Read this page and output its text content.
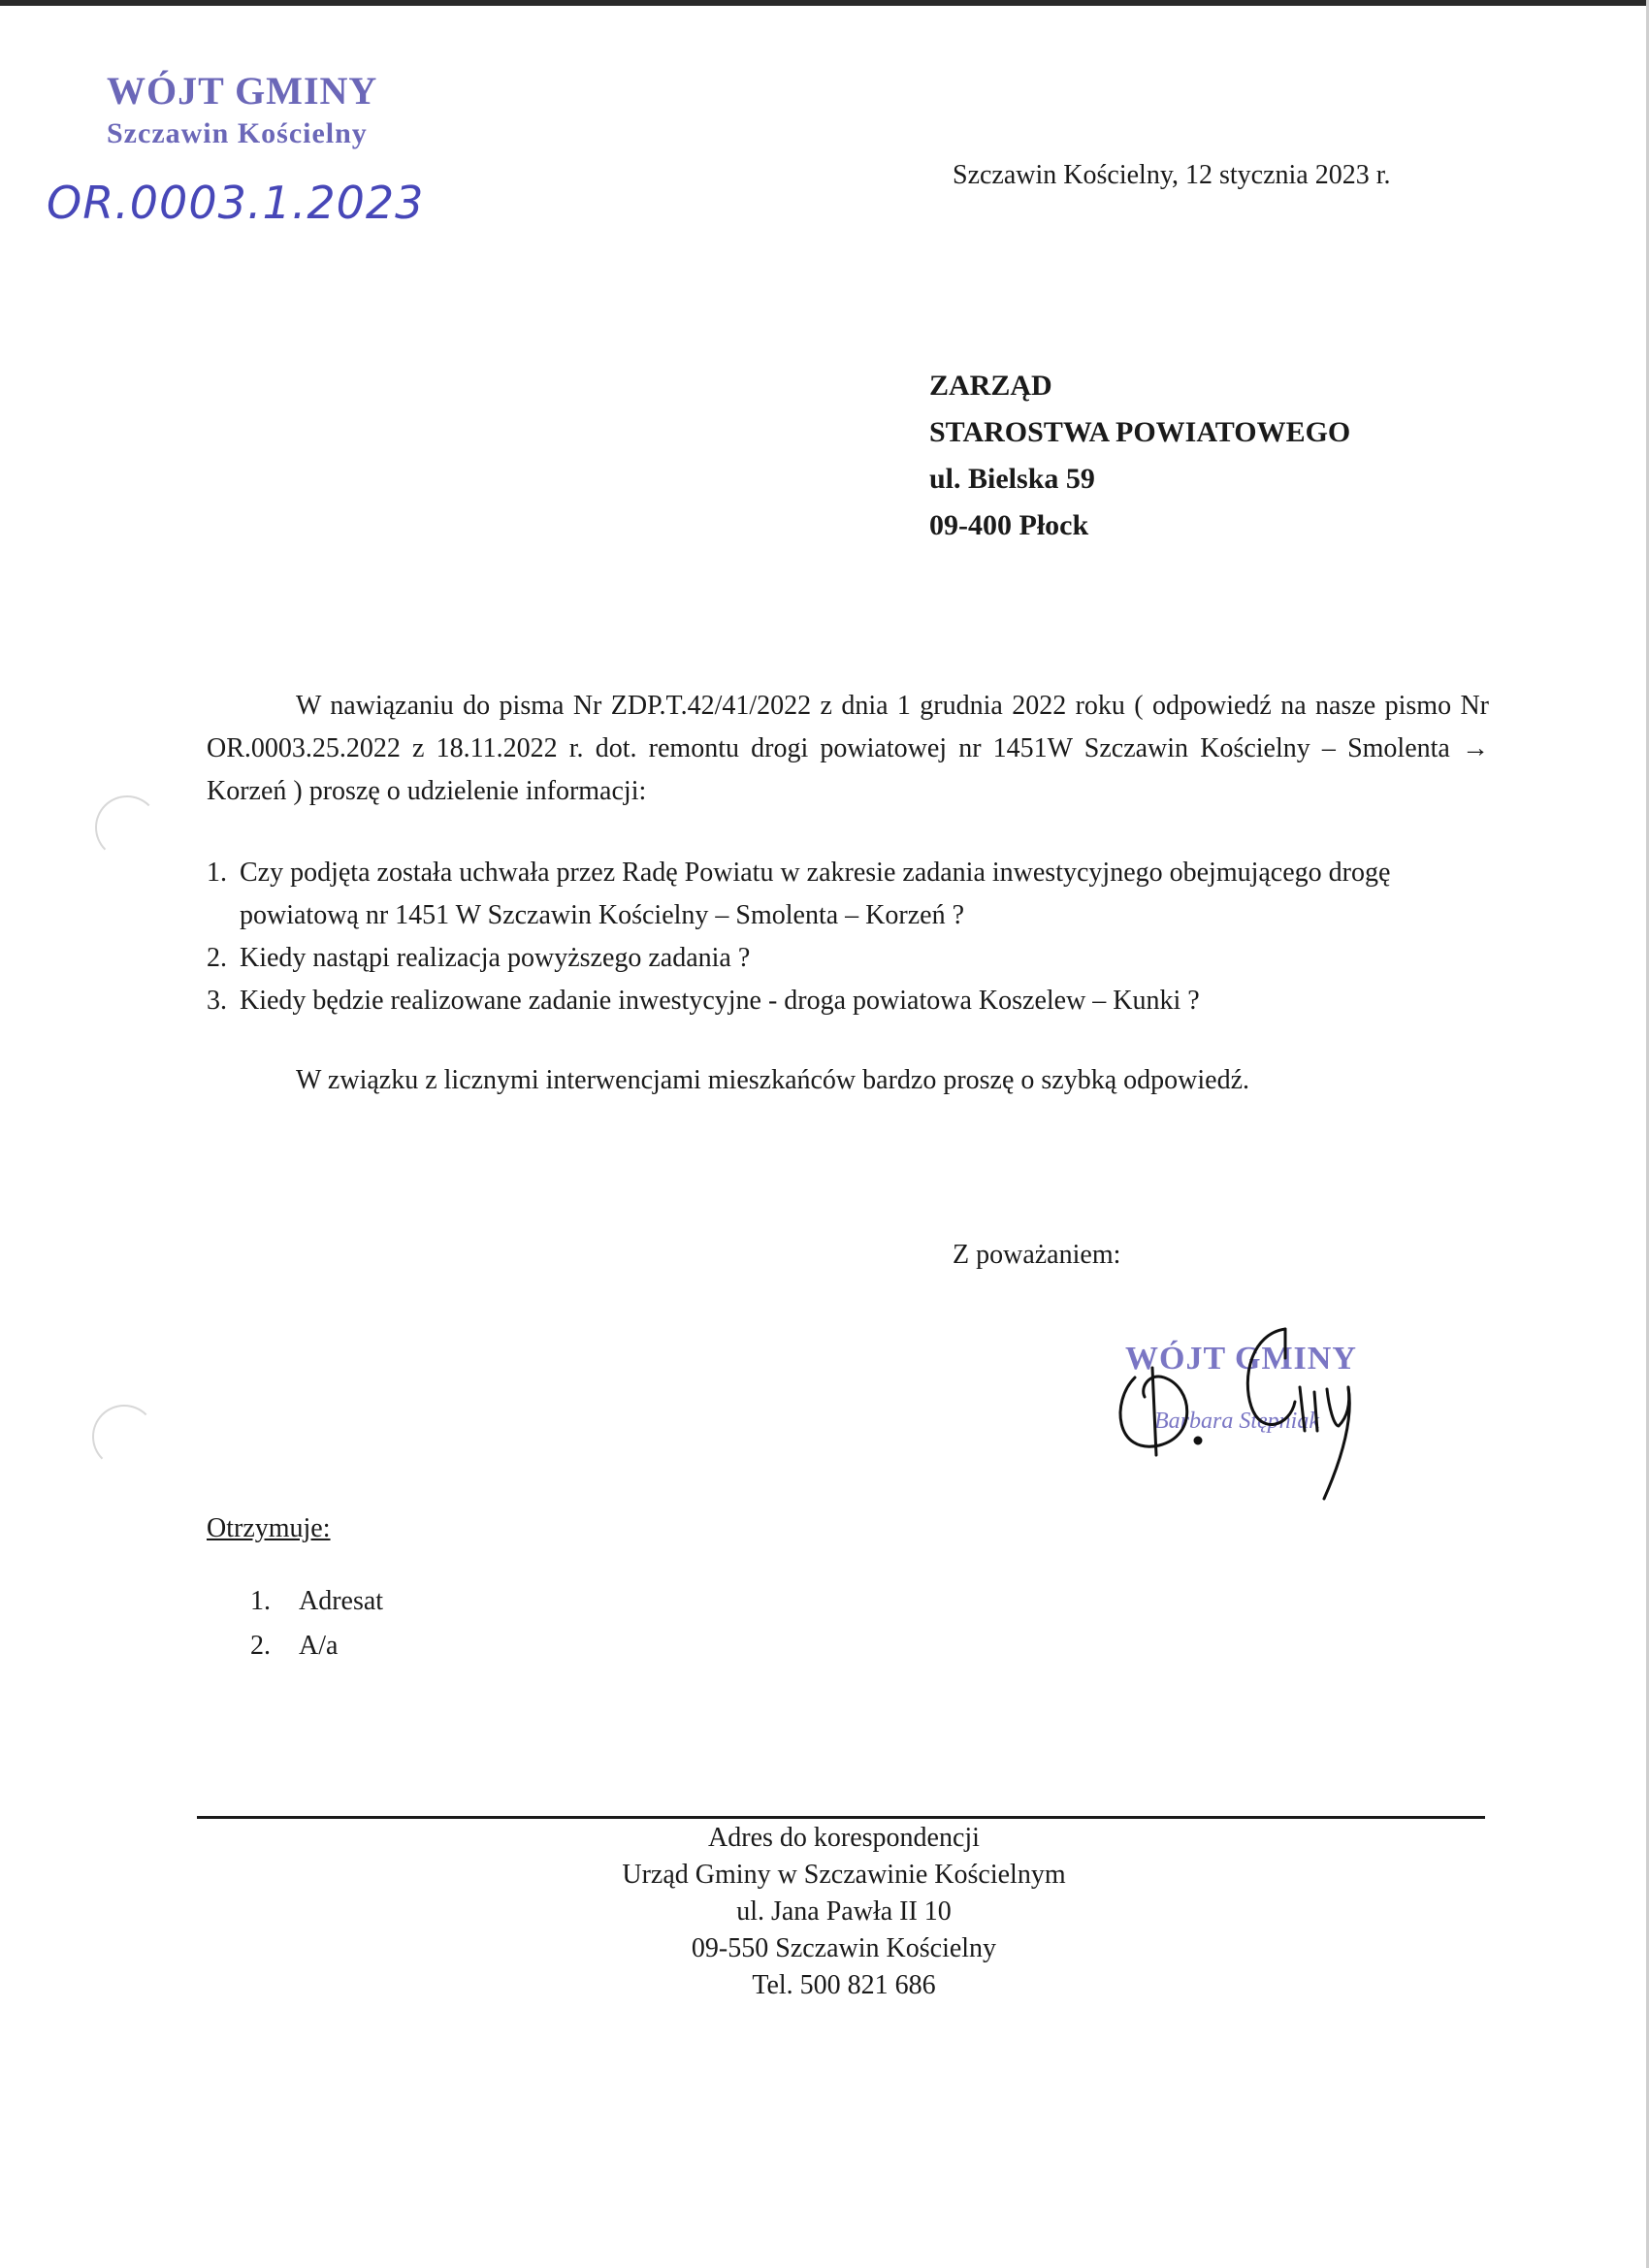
WÓJT GMINY
Szczawin Kościelny
OR.0003.1.2023
Szczawin Kościelny, 12 stycznia 2023 r.
ZARZĄD
STAROSTWA POWIATOWEGO
ul. Bielska 59
09-400 Płock
W nawiązaniu do pisma Nr ZDP.T.42/41/2022 z dnia 1 grudnia 2022 roku ( odpowiedź na nasze pismo Nr OR.0003.25.2022 z 18.11.2022 r. dot. remontu drogi powiatowej nr 1451W Szczawin Kościelny – Smolenta → Korzeń ) proszę o udzielenie informacji:
1. Czy podjęta została uchwała przez Radę Powiatu w zakresie zadania inwestycyjnego obejmującego drogę powiatową nr 1451 W Szczawin Kościelny – Smolenta – Korzeń ?
2. Kiedy nastąpi realizacja powyższego zadania ?
3. Kiedy będzie realizowane zadanie inwestycyjne - droga powiatowa Koszelew – Kunki ?
W związku z licznymi interwencjami mieszkańców bardzo proszę o szybką odpowiedź.
Z poważaniem:
WÓJT GMINY
Barbara Stępniak
Otrzymuje:
1. Adresat
2. A/a
Adres do korespondencji
Urząd Gminy w Szczawinie Kościelnym
ul. Jana Pawła II 10
09-550 Szczawin Kościelny
Tel. 500 821 686
